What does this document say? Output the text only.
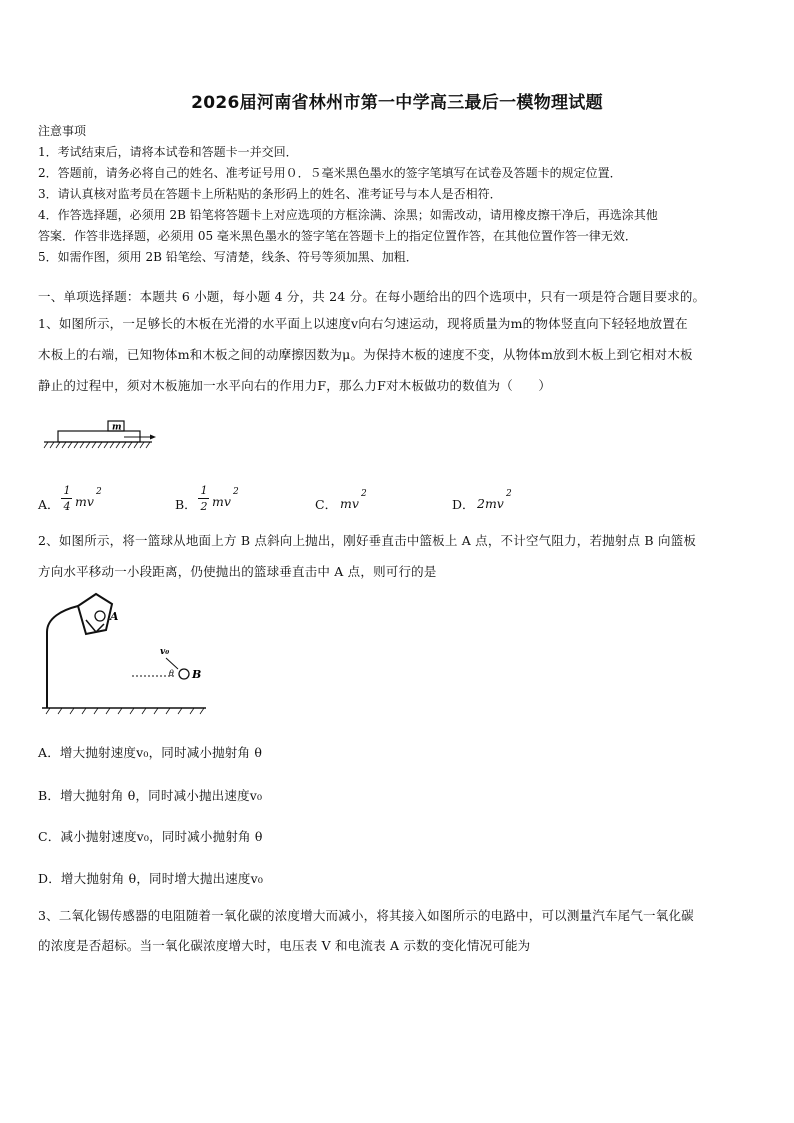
2026届河南省林州市第一中学高三最后一模物理试题
注意事项
1．考试结束后，请将本试卷和答题卡一并交回．
2．答题前，请务必将自己的姓名、准考证号用０．５毫米黑色墨水的签字笔填写在试卷及答题卡的规定位置．
3．请认真核对监考员在答题卡上所粘贴的条形码上的姓名、准考证号与本人是否相符．
4．作答选择题，必须用 2B 铅笔将答题卡上对应选项的方框涂满、涂黑；如需改动，请用橡皮擦干净后，再选涂其他
答案．作答非选择题，必须用 05 毫米黑色墨水的签字笔在答题卡上的指定位置作答，在其他位置作答一律无效．
5．如需作图，须用 2B 铅笔绘、写清楚，线条、符号等须加黑、加粗．
一、单项选择题：本题共 6 小题，每小题 4 分，共 24 分。在每小题给出的四个选项中，只有一项是符合题目要求的。
1、如图所示，一足够长的木板在光滑的水平面上以速度v向右匀速运动，现将质量为m的物体竖直向下轻轻地放置在
木板上的右端，已知物体m和木板之间的动摩擦因数为μ。为保持木板的速度不变，从物体m放到木板上到它相对木板
静止的过程中，须对木板施加一水平向右的作用力F，那么力F对木板做功的数值为（　　）
m
A．
1
4 mv
2
B．
1
2 mv
2
C． mv
2
D． 2mv
2
2、如图所示，将一篮球从地面上方 B 点斜向上抛出，刚好垂直击中篮板上 A 点，不计空气阻力，若抛射点 B 向篮板
方向水平移动一小段距离，仍使抛出的篮球垂直击中 A 点，则可行的是
A
v₀
θ B
A．增大抛射速度v₀，同时减小抛射角 θ
B．增大抛射角 θ，同时减小抛出速度v₀
C．减小抛射速度v₀，同时减小抛射角 θ
D．增大抛射角 θ，同时增大抛出速度v₀
3、二氧化锡传感器的电阻随着一氧化碳的浓度增大而减小，将其接入如图所示的电路中，可以测量汽车尾气一氧化碳
的浓度是否超标。当一氧化碳浓度增大时，电压表 V 和电流表 A 示数的变化情况可能为
